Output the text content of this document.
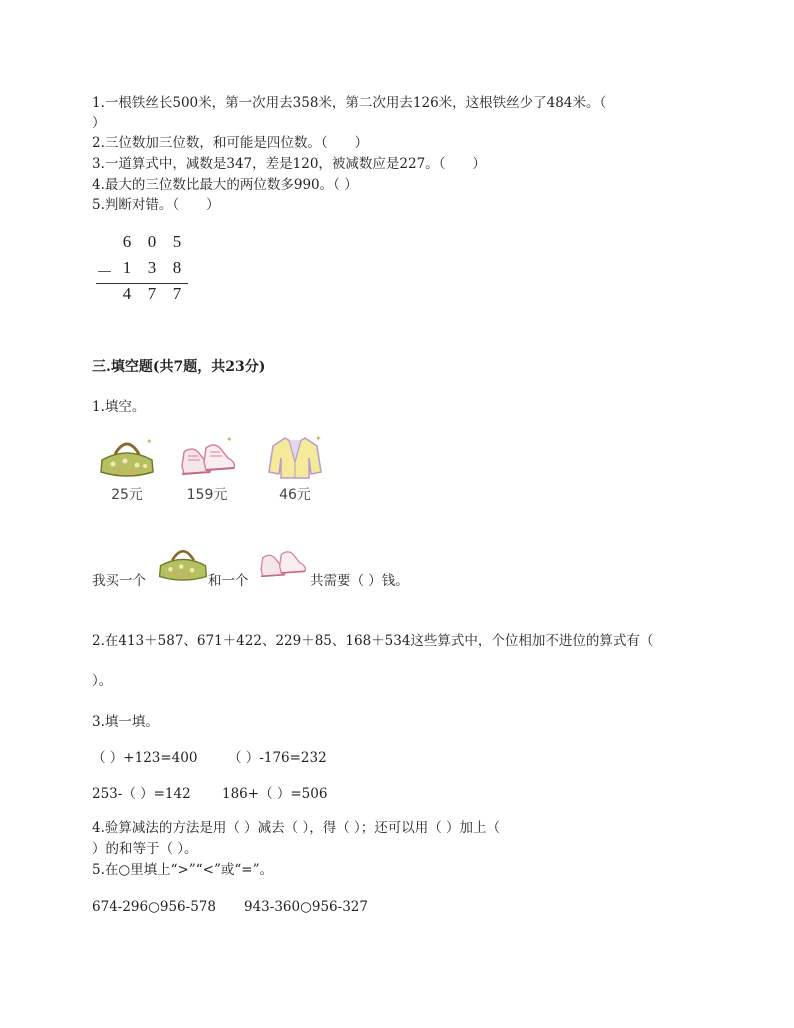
1.一根铁丝长500米，第一次用去358米，第二次用去126米，这根铁丝少了484米。（
）
2.三位数加三位数，和可能是四位数。（　　）
3.一道算式中，减数是347，差是120，被减数应是227。（　　）
4.最大的三位数比最大的两位数多990。（ ）
5.判断对错。（　　）
6 0 5
－ 1 3 8
4 7 7
三.填空题(共7题，共23分)
1.填空。
✦
25元
✦
159元
✦
46元
我买一个	和一个	共需要（ ）钱。
2.在413＋587、671＋422、229＋85、168＋534这些算式中，个位相加不进位的算式有（
）。
3.填一填。
（ ）+123=400 （ ）-176=232
253-（ ）=142 186+（ ）=506
4.验算减法的方法是用（ ）减去（ ），得（ ）；还可以用（ ）加上（
）的和等于（ ）。
5.在○里填上“>”“<”或“=”。
674-296○956-578 943-360○956-327
